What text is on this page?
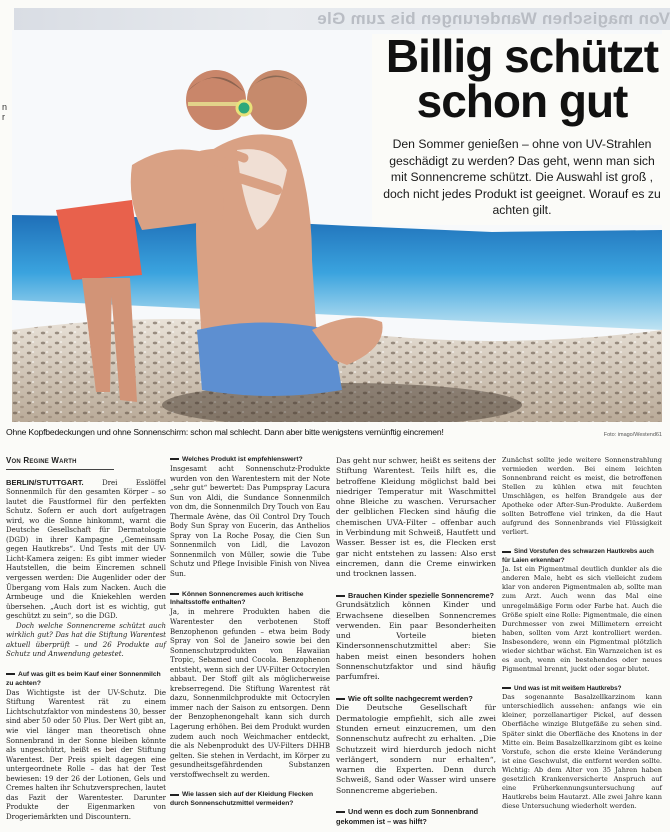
Von magischen Wanderungen bis zum Gle
n
r
Billig schützt
schon gut

Den Sommer genießen – ohne von UV-Strahlen geschädigt zu werden? Das geht, wenn man sich mit Sonnencreme schützt. Die Auswahl ist groß , doch nicht jedes Produkt ist geeignet. Worauf es zu achten gilt.

Ohne Kopfbedeckungen und ohne Sonnenschirm: schon mal schlecht. Dann aber bitte wenigstens vernünftig eincremen!	Foto: imago/Westend61
Von Regine Warth

BERLIN/STUTTGART. Drei Esslöffel Sonnenmilch für den gesamten Körper – so lautet die Faustformel für den perfekten Schutz. Sofern er auch dort aufgetragen wird, wo die Sonne hinkommt, warnt die Deutsche Gesellschaft für Dermatologie (DGD) in ihrer Kampagne „Gemeinsam gegen Hautkrebs“. Und Tests mit der UV-Licht-Kamera zeigen: Es gibt immer wieder Hautstellen, die beim Eincremen schnell vergessen werden: Die Augenlider oder der Übergang vom Hals zum Nacken. Auch die Armbeuge und die Kniekehlen werden übersehen. „Auch dort ist es wichtig, gut geschützt zu sein“, so die DGD.

Doch welche Sonnencreme schützt auch wirklich gut? Das hat die Stiftung Warentest aktuell überprüft – und 26 Produkte auf Schutz und Anwendung getestet.

Auf was gilt es beim Kauf einer Sonnenmilch zu achten?

Das Wichtigste ist der UV-Schutz. Die Stiftung Warentest rät zu einem Lichtschutzfaktor von mindestens 30, besser sind aber 50 oder 50 Plus. Der Wert gibt an, wie viel länger man theoretisch ohne Sonnenbrand in der Sonne bleiben könnte als ungeschützt, heißt es bei der Stiftung Warentest. Der Preis spielt dagegen eine untergeordnete Rolle – das hat der Test bewiesen: 19 der 26 der Lotionen, Gels und Cremes halten ihr Schutzversprechen, lautet das Fazit der Warentester. Darunter Produkte der Eigenmarken von Drogeriemärkten und Discountern.

Welches Produkt ist empfehlenswert?

Insgesamt acht Sonnenschutz-Produkte wurden von den Warentestern mit der Note „sehr gut“ bewertet: Das Pumpspray Lacura Sun von Aldi, die Sundance Sonnenmilch von dm, die Sonnenmilch Dry Touch von Eau Thermale Avène, das Oil Control Dry Touch Body Sun Spray von Eucerin, das Anthelios Spray von La Roche Posay, die Cien Sun Sonnenmilch von Lidl, die Lavozon Sonnenmilch von Müller, sowie die Tube Schutz und Pflege Invisible Finish von Nivea Sun.

Können Sonnencremes auch kritische Inhaltsstoffe enthalten?

Ja, in mehrere Produkten haben die Warentester den verbotenen Stoff Benzophenon gefunden – etwa beim Body Spray von Sol de Janeiro sowie bei den Sonnenschutzprodukten von Hawaiian Tropic, Sebamed und Cocola. Benzophenon entsteht, wenn sich der UV-Filter Octocrylen abbaut. Der Stoff gilt als möglicherweise krebserregend. Die Stiftung Warentest rät dazu, Sonnenmilchprodukte mit Octocrylen immer nach der Saison zu entsorgen. Denn der Benzophenongehalt kann sich durch Lagerung erhöhen. Bei dem Produkt wurden zudem auch noch Weichmacher entdeckt, die als Nebenprodukt des UV-Filters DHHB gelten. Sie stehen in Verdacht, im Körper zu gesundheitsgefährdenden Substanzen verstoffwechselt zu werden.

Wie lassen sich auf der Kleidung Flecken durch Sonnenschutzmittel vermeiden?

Das geht nur schwer, heißt es seitens der Stiftung Warentest. Teils hilft es, die betroffene Kleidung möglichst bald bei niedriger Temperatur mit Waschmittel ohne Bleiche zu waschen. Verursacher der gelblichen Flecken sind häufig die chemischen UVA-Filter – offenbar auch in Verbindung mit Schweiß, Hautfett und Wasser. Besser ist es, die Flecken erst gar nicht entstehen zu lassen: Also erst eincremen, dann die Creme einwirken und trocknen lassen.

Brauchen Kinder spezielle Sonnencreme?

Grundsätzlich können Kinder und Erwachsene dieselben Sonnencremes verwenden. Ein paar Besonderheiten und Vorteile bieten Kindersonnenschutzmittel aber: Sie haben meist einen besonders hohen Sonnenschutzfaktor und sind häufig parfumfrei.

Wie oft sollte nachgecremt werden?

Die Deutsche Gesellschaft für Dermatologie empfiehlt, sich alle zwei Stunden erneut einzucremen, um den Sonnenschutz aufrecht zu erhalten. „Die Schutzzeit wird hierdurch jedoch nicht verlängert, sondern nur erhalten“, warnen die Experten. Denn durch Schweiß, Sand oder Wasser wird unsere Sonnencreme abgerieben.

Und wenn es doch zum Sonnenbrand gekommen ist – was hilft?

Zunächst sollte jede weitere Sonnenstrahlung vermieden werden. Bei einem leichten Sonnenbrand reicht es meist, die betroffenen Stellen zu kühlen etwa mit feuchten Umschlägen, es helfen Brandgele aus der Apotheke oder After-Sun-Produkte. Außerdem sollten Betroffene viel trinken, da die Haut aufgrund des Sonnenbrands viel Flüssigkeit verliert.

Sind Vorstufen des schwarzen Hautkrebs auch für Laien erkennbar?

Ja. Ist ein Pigmentmal deutlich dunkler als die anderen Male, hebt es sich vielleicht zudem klar von anderen Pigmentmalen ab, sollte man zum Arzt. Auch wenn das Mal eine unregelmäßige Form oder Farbe hat. Auch die Größe spielt eine Rolle: Pigmentmale, die einen Durchmesser von zwei Millimetern erreicht haben, sollten vom Arzt kontrolliert werden. Insbesondere, wenn ein Pigmentmal plötzlich wieder sichtbar wächst. Ein Warnzeichen ist es es auch, wenn ein bestehendes oder neues Pigmentmal brennt, juckt oder sogar blutet.

Und was ist mit weißem Hautkrebs?

Das sogenannte Basalzellkarzinom kann unterschiedlich aussehen: anfangs wie ein kleiner, porzellanartiger Pickel, auf dessen Oberfläche winzige Blutgefäße zu sehen sind. Später sinkt die Oberfläche des Knotens in der Mitte ein. Beim Basalzellkarzinom gibt es keine Vorstufe, schon die erste kleine Veränderung ist eine Geschwulst, die entfernt werden sollte. Wichtig: Ab dem Alter von 35 Jahren haben gesetzlich Krankenversicherte Anspruch auf eine Früherkennungsuntersuchung auf Hautkrebs beim Hautarzt. Alle zwei Jahre kann diese Untersuchung wiederholt werden.
